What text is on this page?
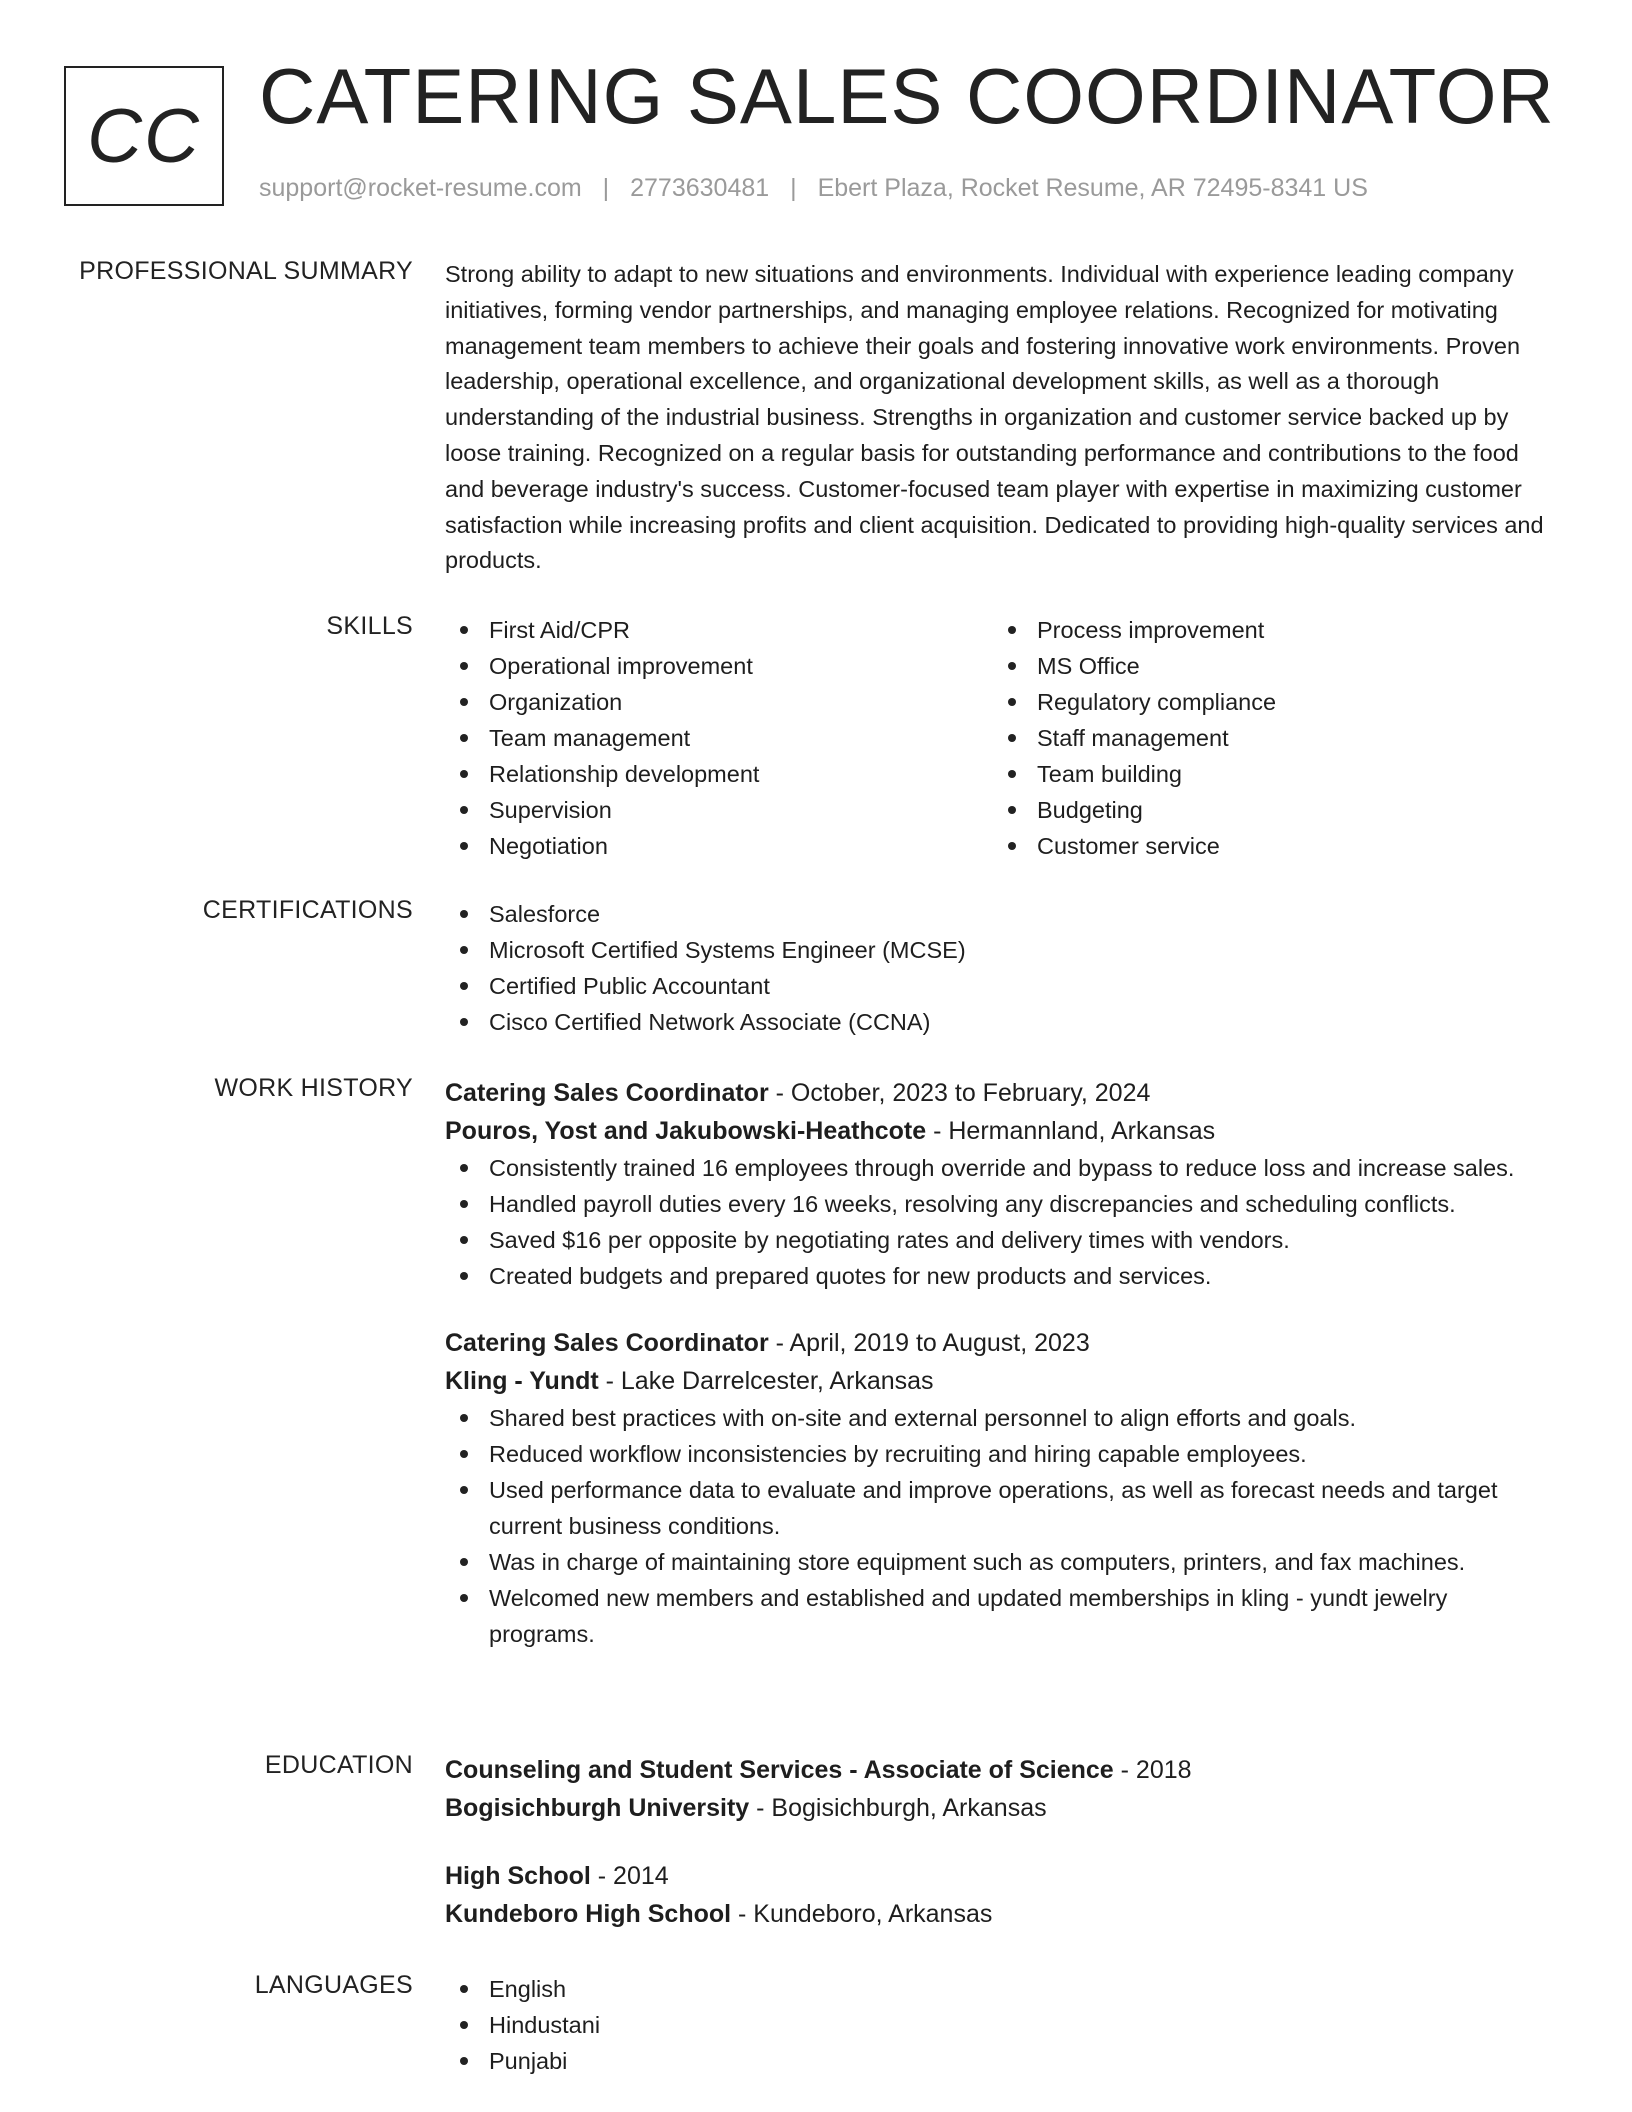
CC CATERING SALES COORDINATOR
support@rocket-resume.com | 2773630481 | Ebert Plaza, Rocket Resume, AR 72495-8341 US
PROFESSIONAL SUMMARY Strong ability to adapt to new situations and environments. Individual with experience leading company initiatives, forming vendor partnerships, and managing employee relations. Recognized for motivating management team members to achieve their goals and fostering innovative work environments. Proven leadership, operational excellence, and organizational development skills, as well as a thorough understanding of the industrial business. Strengths in organization and customer service backed up by loose training. Recognized on a regular basis for outstanding performance and contributions to the food and beverage industry's success. Customer-focused team player with expertise in maximizing customer satisfaction while increasing profits and client acquisition. Dedicated to providing high-quality services and products.

SKILLS	First Aid/CPR
Operational improvement
Organization
Team management
Relationship development
Supervision
Negotiation
Process improvement
MS Office
Regulatory compliance
Staff management
Team building
Budgeting
Customer service
CERTIFICATIONS	Salesforce
Microsoft Certified Systems Engineer (MCSE)
Certified Public Accountant
Cisco Certified Network Associate (CCNA)
WORK HISTORY Catering Sales Coordinator - October, 2023 to February, 2024
Pouros, Yost and Jakubowski-Heathcote - Hermannland, Arkansas
Consistently trained 16 employees through override and bypass to reduce loss and increase sales.
Handled payroll duties every 16 weeks, resolving any discrepancies and scheduling conflicts.
Saved $16 per opposite by negotiating rates and delivery times with vendors.
Created budgets and prepared quotes for new products and services.
Catering Sales Coordinator - April, 2019 to August, 2023
Kling - Yundt - Lake Darrelcester, Arkansas
Shared best practices with on-site and external personnel to align efforts and goals.
Reduced workflow inconsistencies by recruiting and hiring capable employees.
Used performance data to evaluate and improve operations, as well as forecast needs and target current business conditions.
Was in charge of maintaining store equipment such as computers, printers, and fax machines.
Welcomed new members and established and updated memberships in kling - yundt jewelry programs.
EDUCATION Counseling and Student Services - Associate of Science - 2018
Bogisichburgh University - Bogisichburgh, Arkansas
High School - 2014
Kundeboro High School - Kundeboro, Arkansas
LANGUAGES	English
Hindustani
Punjabi
